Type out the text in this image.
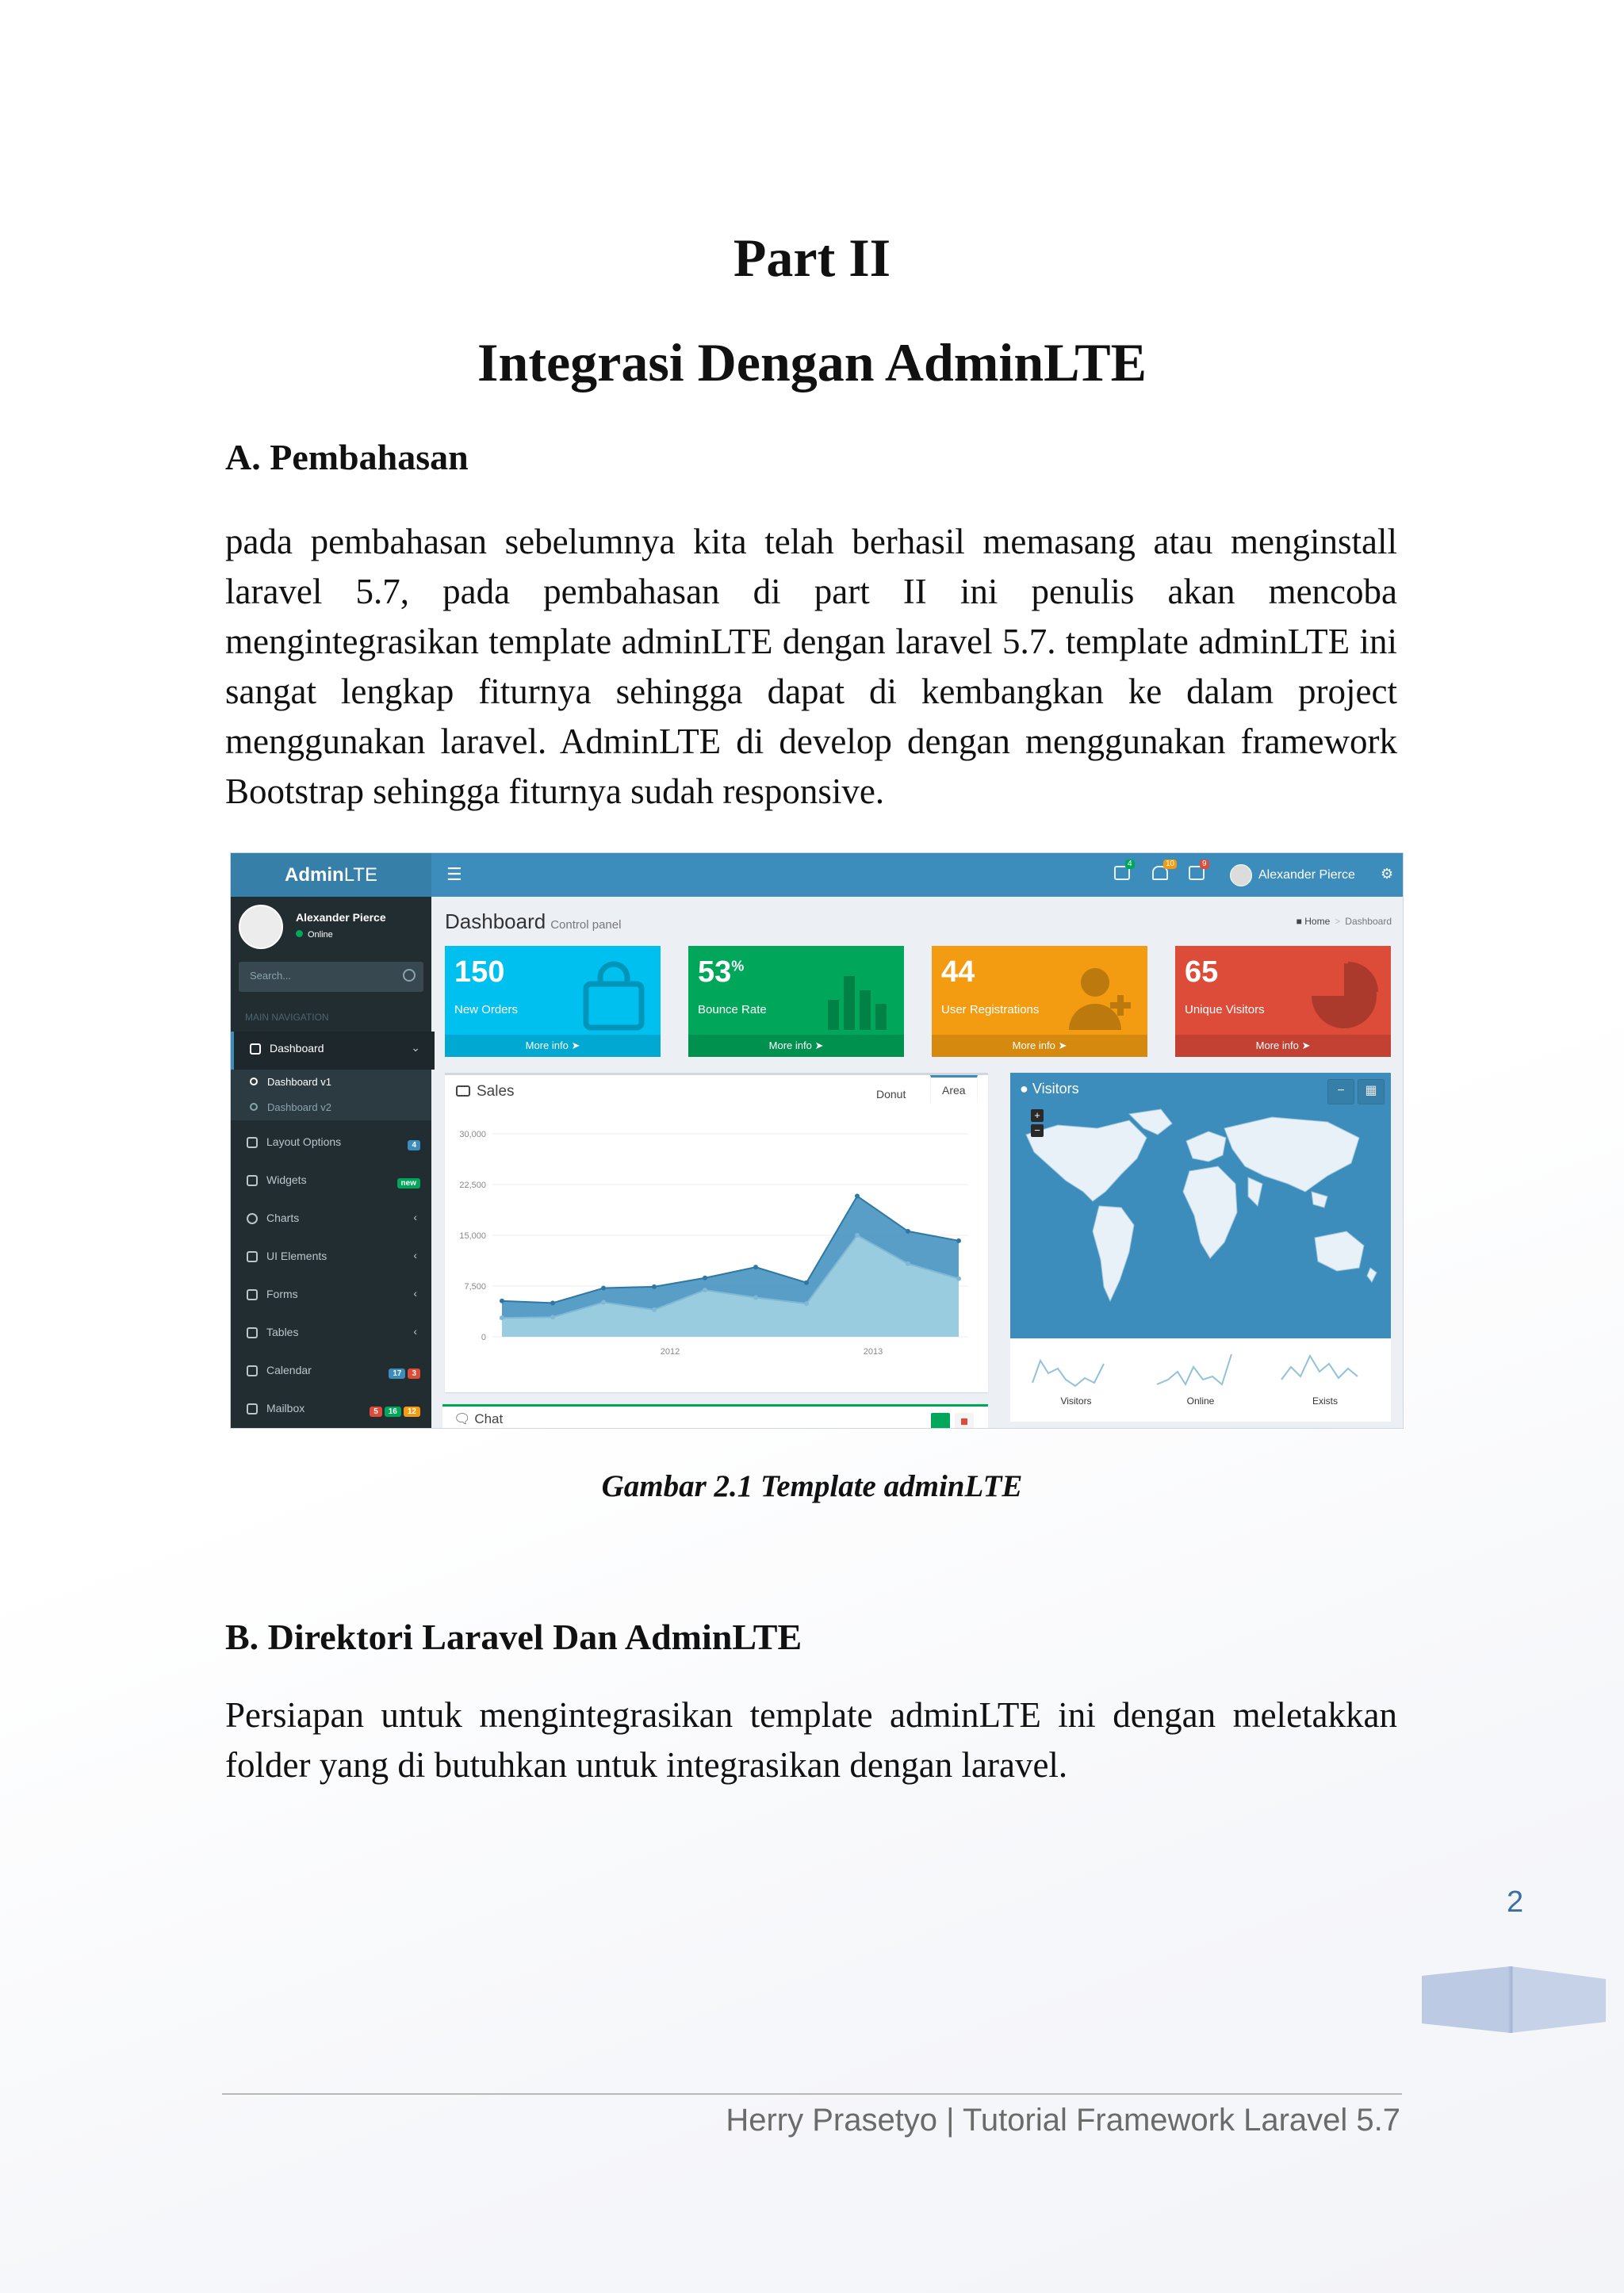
Part II
Integrasi Dengan AdminLTE
A. Pembahasan
pada pembahasan sebelumnya kita telah berhasil memasang atau menginstall laravel 5.7, pada pembahasan di part II ini penulis akan mencoba mengintegrasikan template adminLTE dengan laravel 5.7. template adminLTE ini sangat lengkap fiturnya sehingga dapat di kembangkan ke dalam project menggunakan laravel. AdminLTE di develop dengan menggunakan framework Bootstrap sehingga fiturnya sudah responsive.
Admin LTE	☰
4	10	9
Alexander Pierce ⚙
Alexander Pierce
Online
Search...
MAIN NAVIGATION
Dashboard	⌄
Dashboard v1
Dashboard v2
Layout Options	4
Widgets	new
Charts	‹
UI Elements	‹
Forms	‹
Tables	‹
Calendar	17 3
Mailbox	5 16 12
Dashboard Control panel	■ Home > Dashboard
150
New Orders
More info ➤
53%
Bounce Rate
More info ➤
44
User Registrations
More info ➤
65
Unique Visitors
More info ➤
Sales	Donut	Area
30,000
22,500
15,000
7,500
0
2012	2013
🗨 Chat
● Visitors	−	▦
+
−
Visitors	Online	Exists
Gambar 2.1 Template adminLTE
B. Direktori Laravel Dan AdminLTE
Persiapan untuk mengintegrasikan template adminLTE ini dengan meletakkan folder yang di butuhkan untuk integrasikan dengan laravel.
2
Herry Prasetyo | Tutorial Framework Laravel 5.7
